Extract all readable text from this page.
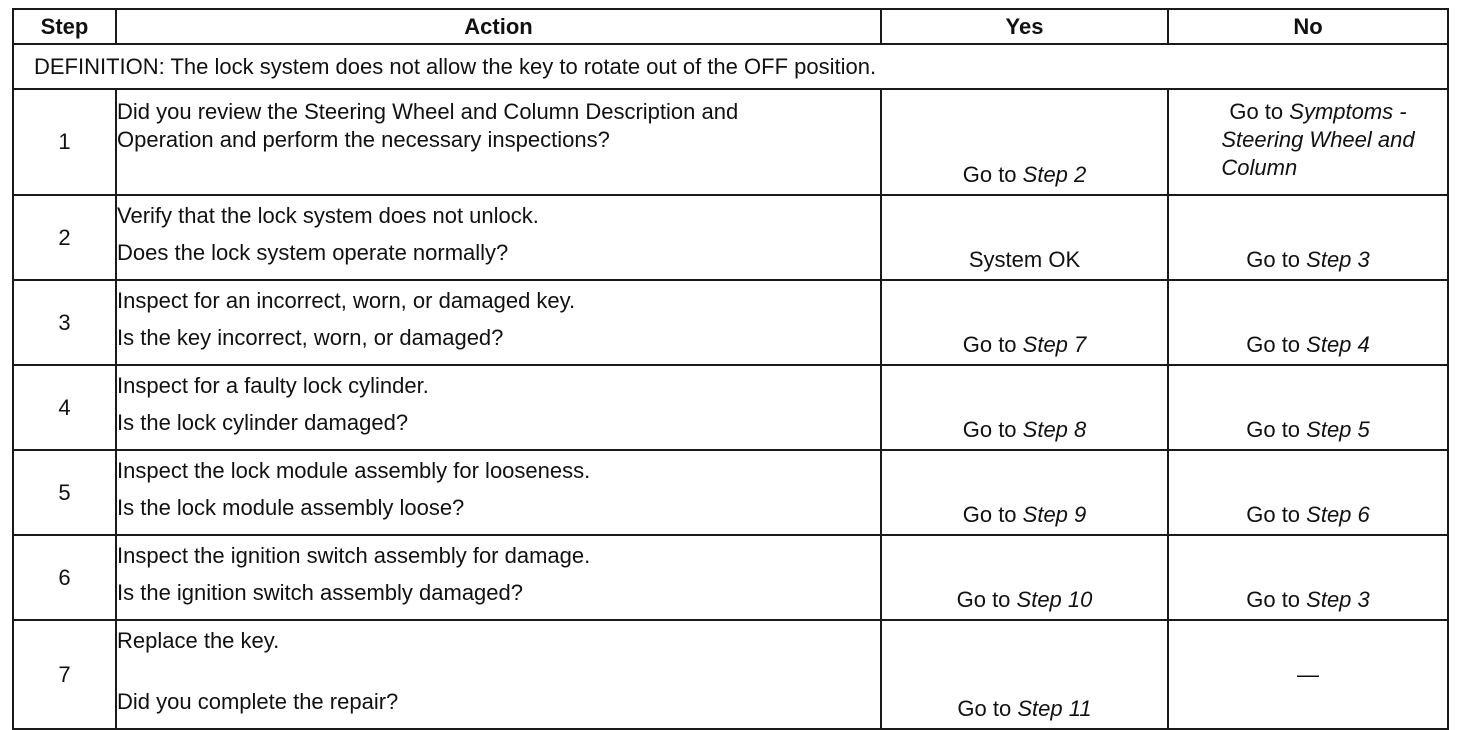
Step	Action	Yes	No
DEFINITION: The lock system does not allow the key to rotate out of the OFF position.			
1	Did you review the Steering Wheel and Column Description and
Operation and perform the necessary inspections?	Go to Step 2	Go to Symptoms -
Steering Wheel and
Column

2	Verify that the lock system does not unlock.
Does the lock system operate normally?	System OK	Go to Step 3
3	Inspect for an incorrect, worn, or damaged key.
Is the key incorrect, worn, or damaged?	Go to Step 7	Go to Step 4
4	Inspect for a faulty lock cylinder.
Is the lock cylinder damaged?	Go to Step 8	Go to Step 5
5	Inspect the lock module assembly for looseness.
Is the lock module assembly loose?	Go to Step 9	Go to Step 6
6	Inspect the ignition switch assembly for damage.
Is the ignition switch assembly damaged?	Go to Step 10	Go to Step 3
7	Replace the key.
Did you complete the repair?	Go to Step 11	—
